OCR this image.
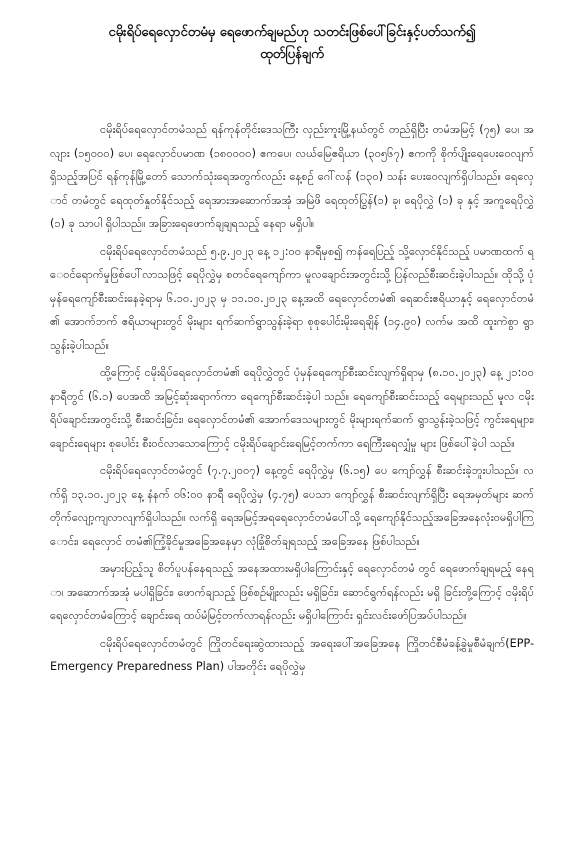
ငမိုးရိပ်ရေလှောင်တမံမှ ရေဖောက်ချမည်ဟု သတင်းဖြစ်ပေါ်ခြင်းနှင့်ပတ်သက်၍
ထုတ်ပြန်ချက်

ငမိုးရိပ်ရေလှောင်တမံသည် ရန်ကုန်တိုင်းဒေသကြီး လှည်းကူးမြို့နယ်တွင် တည်ရှိပြီး တမံအမြင့် (၇၅) ပေ၊ အလျား (၁၅၀၀၀) ပေ၊ ရေလှောင်ပမာဏ (၁၈၀၀၀၀) ဧကပေ၊ လယ်မြေဧရိယာ (၃၀၅၆၇) ဧကကို စိုက်ပျိုးရေပေးဝေလျက်ရှိသည့်အပြင် ရန်ကုန်မြို့တော် သောက်သုံးရေအတွက်လည်း နေ့စဉ် ဂေါ်လန် (၁၃၀) သန်း ပေးဝေလျက်ရှိပါသည်။ ရေလှောင် တမံတွင် ရေထုတ်နှုတ်နိုင်သည့် ရေအားအဆောက်အအုံ အမြဲဖိ ရေထုတ်ပြွန်(၁) ခု၊ ရေပိုလွှဲ (၁) ခု နှင့် အကူရေပိုလွှဲ (၁) ခု သာပါ ရှိပါသည်။ အခြားရေဖောက်ချချရသည့် နေရာ မရှိပါ။

ငမိုးရိပ်ရေလှောင်တမံသည် ၅.၉.၂၀၂၃ နေ့ ၁၂:၀၀ နာရီမှစ၍ ကန်ရေပြည့် သို့လှောင်နိုင်သည့် ပမာဏထက် ရေဝင်ရောက်မှုဖြစ်ပေါ်လာသဖြင့် ရေပိုလွှဲမှ စတင်ရေကျော်ကာ မူလချောင်းအတွင်းသို့ ပြန်လည်စီးဆင်းခဲ့ပါသည်။ ထိုသို့ ပုံမှန်ရေကျော်စီးဆင်းနေခဲ့ရာမှ ၆.၁၀.၂၀၂၃ မှ ၁၁.၁၀.၂၀၂၃ နေ့အထိ ရေလှောင်တမံ၏ ရေဆင်းဧရိယာနှင့် ရေလှောင်တမံ၏ အောက်ဘက် ဧရိယာများတွင် မိုးများ ရက်ဆက်ရွာသွန်းခဲ့ရာ စုစုပေါင်းမိုးရေချိန် (၁၄.၉၀) လက်မ အထိ ထူးကဲစွာ ရွာသွန်းခဲ့ပါသည်။

ထို့ကြောင့် ငမိုးရိပ်ရေလှောင်တမံ၏ ရေပိုလွှဲတွင် ပုံမှန်ရေကျော်စီးဆင်းလျက်ရှိရာမှ (၈.၁၀.၂၀၂၃) နေ့ ၂၁:၀၀ နာရီတွင် (၆.၁) ပေအထိ အမြင့်ဆုံးရောက်ကာ ရေကျော်စီးဆင်းခဲ့ပါ သည်။ ရေကျော်စီးဆင်းသည့် ရေများသည် မူလ ငမိုးရိပ်ချောင်းအတွင်းသို့ စီးဆင်းခြင်း၊ ရေလှောင်တမံ၏ အောက်ဒေသများတွင် မိုးများရက်ဆက် ရွာသွန်းခဲ့သဖြင့် ကွင်းရေများ၊ ချောင်းရေများ စုပေါင်း စီးဝင်လာသောကြောင့် ငမိုးရိပ်ချောင်းရေမြင့်တက်ကာ ရေကြီးရေလျှံမှု များ ဖြစ်ပေါ်ခဲ့ပါ သည်။

ငမိုးရိပ်ရေလှောင်တမံတွင် (၇.၇.၂၀၀၇) နေ့တွင် ရေပိုလွှဲမှ (၆.၁၅) ပေ ကျော်လွှန် စီးဆင်းခဲ့ဘူးပါသည်။ လက်ရှိ ၁၃.၁၀.၂၀၂၃ နေ့ နံနက် ၀၆:၀၀ နာရီ ရေပိုလွှဲမှ (၄.၇၅) ပေသာ ကျော်လွှန် စီးဆင်းလျက်ရှိပြီး ရေအမှတ်များ ဆက်တိုက်လျော့ကျလာလျက်ရှိပါသည်။ လက်ရှိ ရေအမြင့်အရရေလှောင်တမံပေါ်သို့ ရေကျော်နိုင်သည့်အခြေအနေလုံးဝမရှိပါကြောင်း၊ ရေလှောင် တမံ၏ကြံ့ခိုင်မှုအခြေအနေမှာ လုံခြုံစိတ်ချရသည့် အခြေအနေ ဖြစ်ပါသည်။

အမှားပြည့်သူ စိတ်ပူပန်နေရသည့် အနေအထားမရှိပါကြောင်းနှင့် ရေလှောင်တမံ တွင် ရေဖောက်ချရမည့် နေရာ၊ အဆောက်အအုံ မပါရှိခြင်း၊ ဖောက်ချသည့် ဖြစ်စဉ်မျိုးလည်း မရှိခြင်း၊ ဆောင်ရွက်ရန်လည်း မရှိ ခြင်းတို့ကြောင့် ငမိုးရိပ်ရေလှောင်တမံကြောင့် ချောင်းရေ ထပ်မံမြင့်တက်လာရန်လည်း မရှိပါကြောင်း ရှင်းလင်းဖော်ပြအပ်ပါသည်။

ငမိုးရိပ်ရေလှောင်တမံတွင် ကြိုတင်ရေးဆွဲထားသည့် အရေးပေါ်အခြေအနေ ကြိုတင်စီမံခန့်ခွဲမှုစီမံချက်(EPP- Emergency Preparedness Plan) ပါအတိုင်း ရေပိုလွှဲမှ
